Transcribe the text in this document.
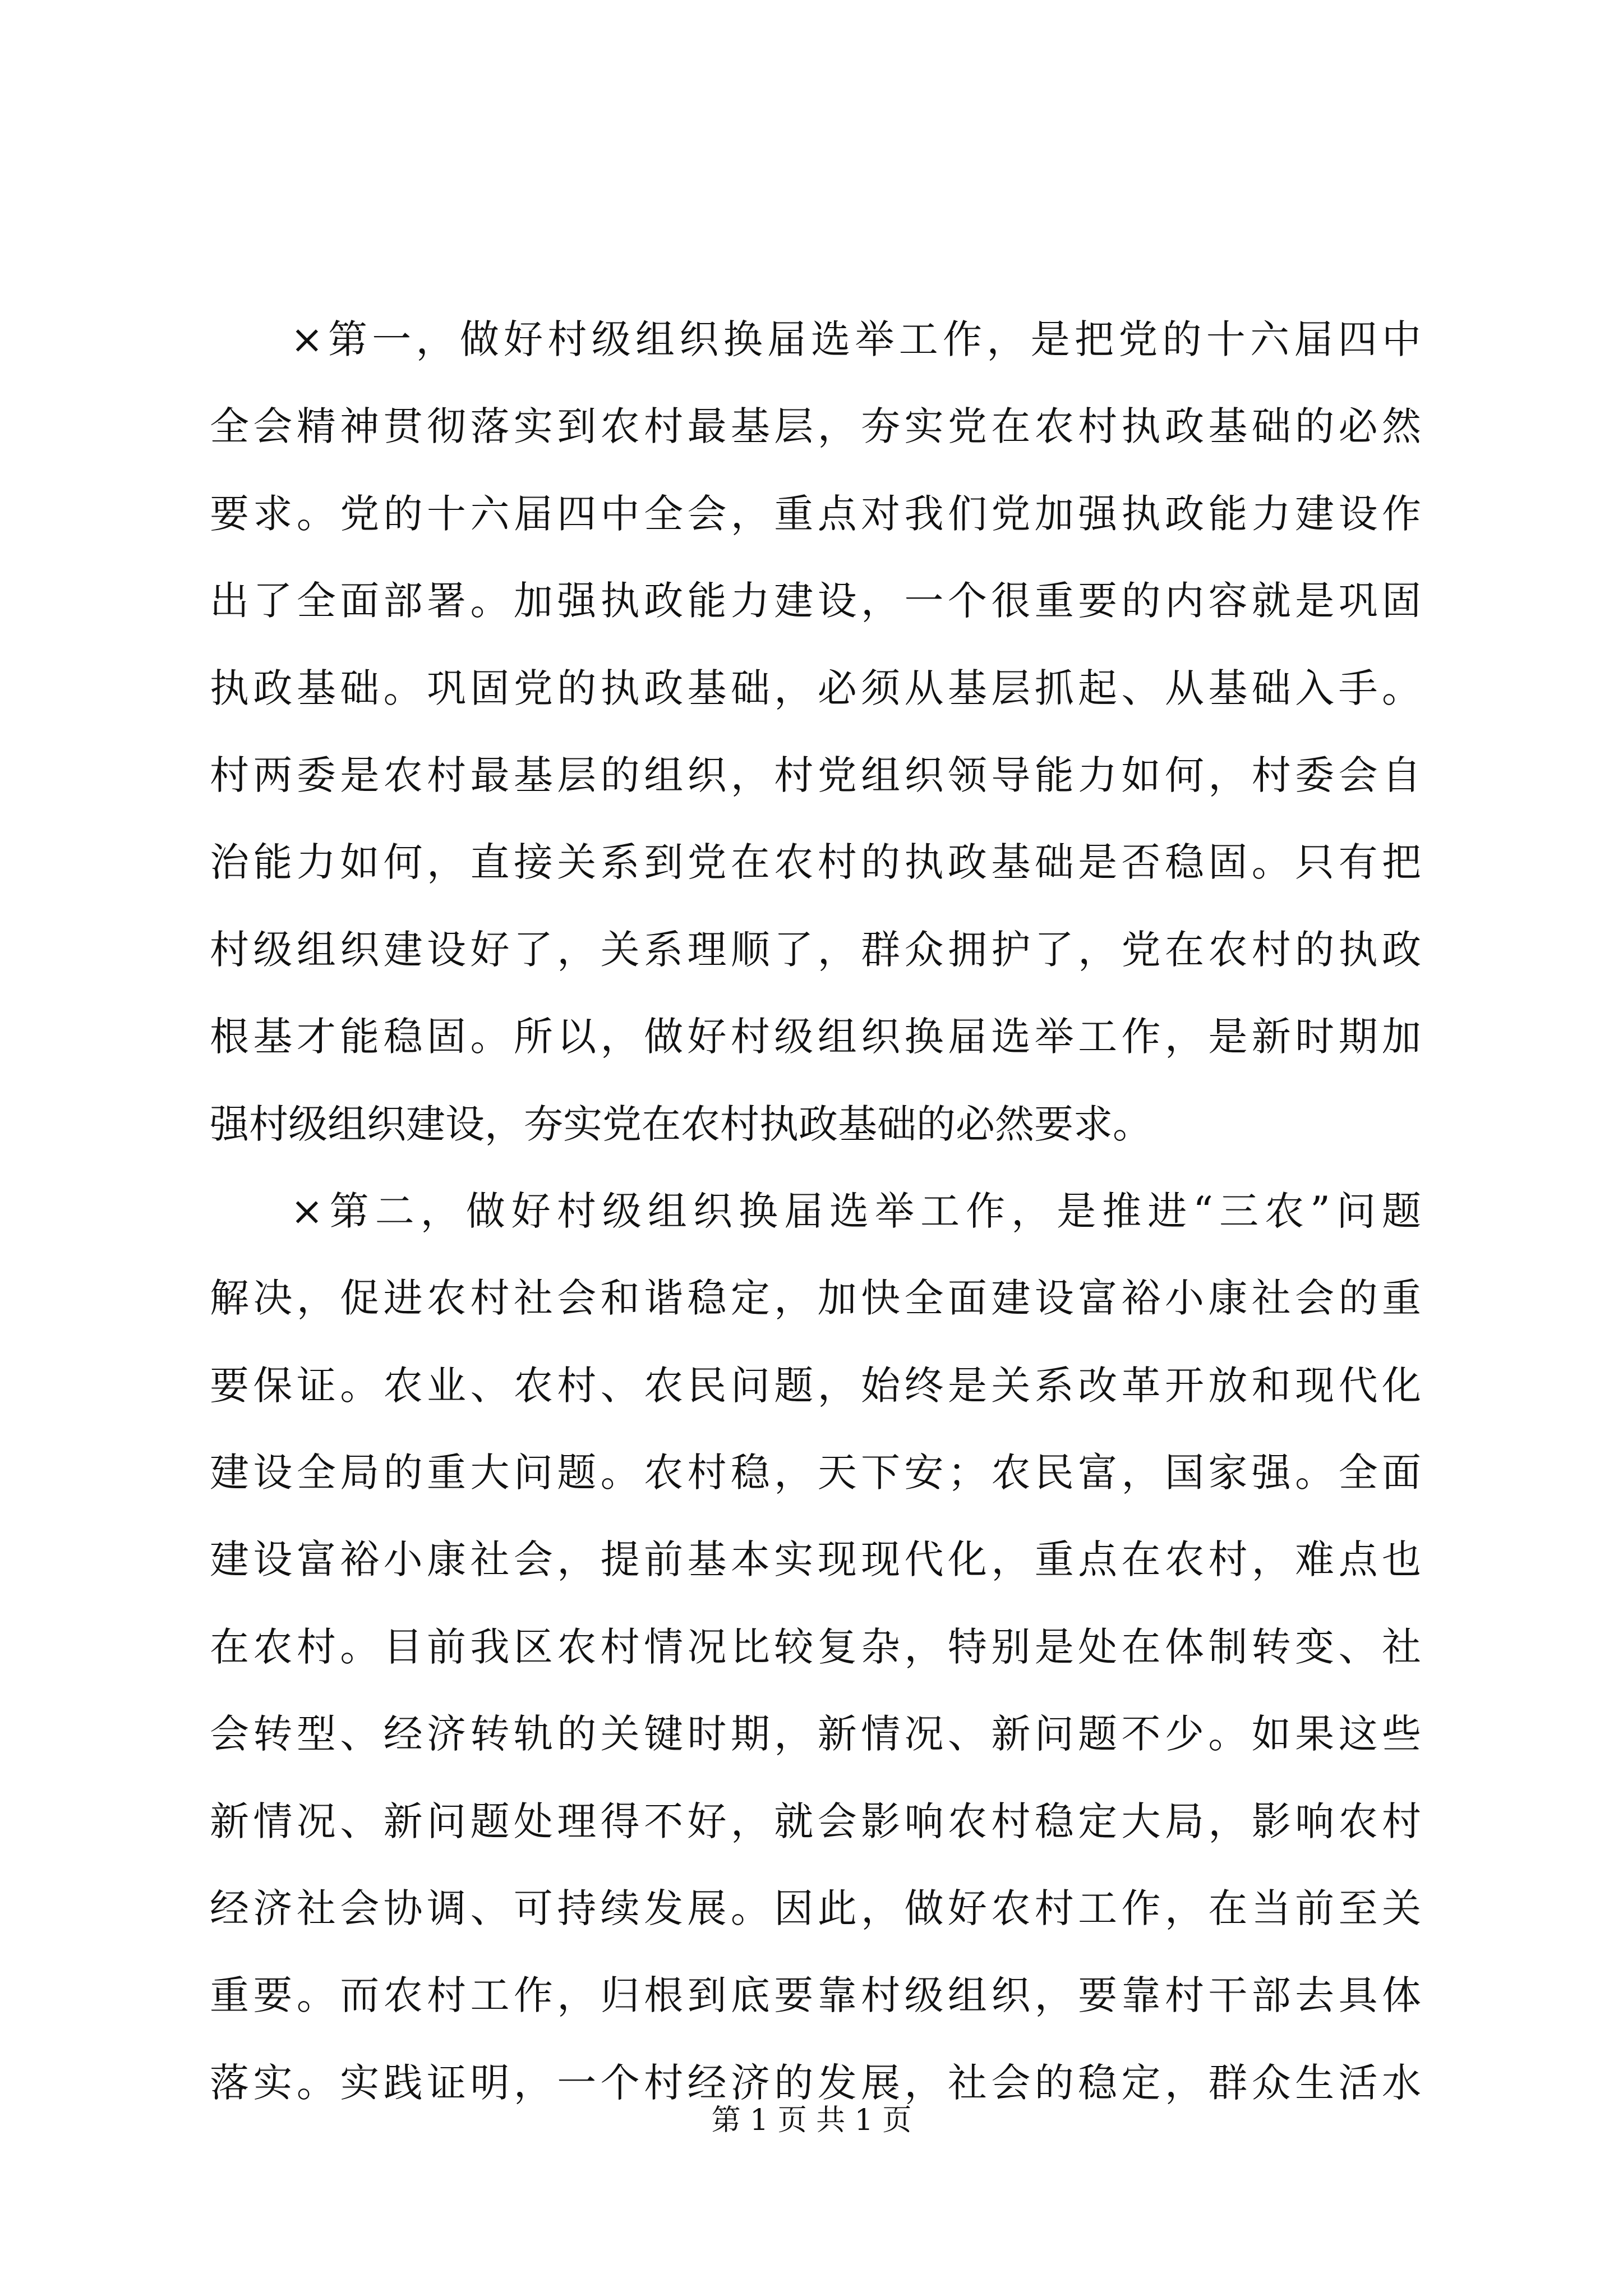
×第一，做好村级组织换届选举工作，是把党的十六届四中
全会精神贯彻落实到农村最基层，夯实党在农村执政基础的必然
要求。党的十六届四中全会，重点对我们党加强执政能力建设作
出了全面部署。加强执政能力建设，一个很重要的内容就是巩固
执政基础。巩固党的执政基础，必须从基层抓起、从基础入手。
村两委是农村最基层的组织，村党组织领导能力如何，村委会自
治能力如何，直接关系到党在农村的执政基础是否稳固。只有把
村级组织建设好了，关系理顺了，群众拥护了，党在农村的执政
根基才能稳固。所以，做好村级组织换届选举工作，是新时期加
强村级组织建设，夯实党在农村执政基础的必然要求。
×第二，做好村级组织换届选举工作，是推进“三农”问题
解决，促进农村社会和谐稳定，加快全面建设富裕小康社会的重
要保证。农业、农村、农民问题，始终是关系改革开放和现代化
建设全局的重大问题。农村稳，天下安；农民富，国家强。全面
建设富裕小康社会，提前基本实现现代化，重点在农村，难点也
在农村。目前我区农村情况比较复杂，特别是处在体制转变、社
会转型、经济转轨的关键时期，新情况、新问题不少。如果这些
新情况、新问题处理得不好，就会影响农村稳定大局，影响农村
经济社会协调、可持续发展。因此，做好农村工作，在当前至关
重要。而农村工作，归根到底要靠村级组织，要靠村干部去具体
落实。实践证明，一个村经济的发展，社会的稳定，群众生活水
第 1 页 共 1 页
